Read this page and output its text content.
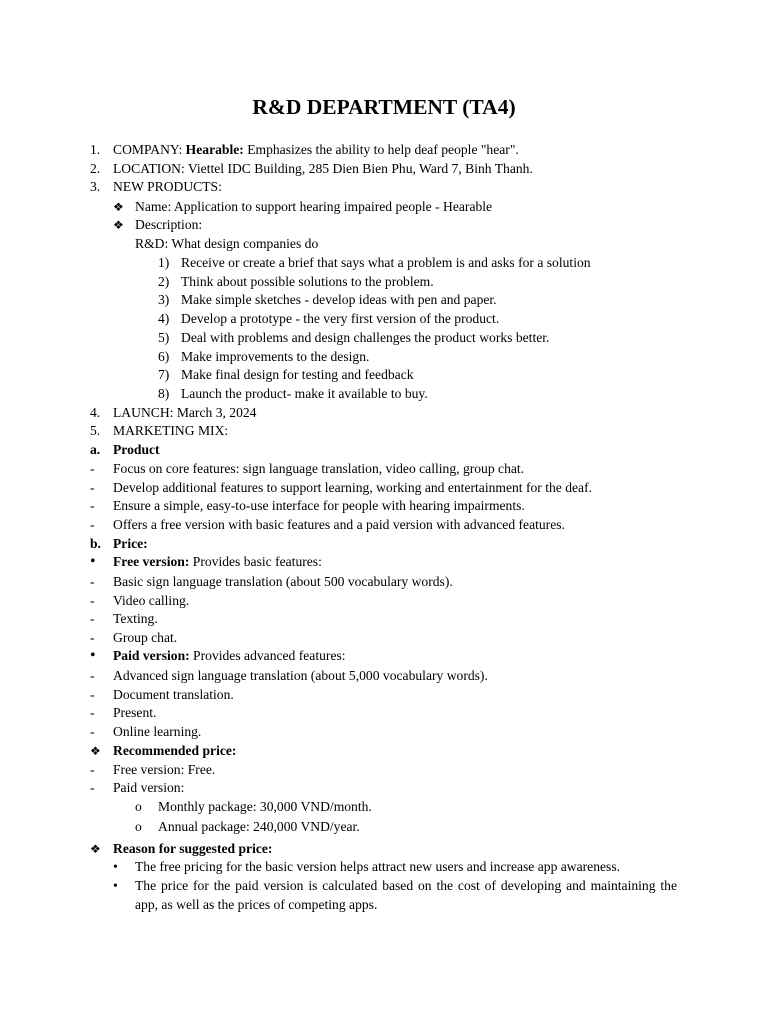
R&D DEPARTMENT (TA4)
1. COMPANY: Hearable: Emphasizes the ability to help deaf people "hear".
2. LOCATION: Viettel IDC Building, 285 Dien Bien Phu, Ward 7, Binh Thanh.
3. NEW PRODUCTS:
❖ Name: Application to support hearing impaired people - Hearable
❖ Description:
R&D: What design companies do
1) Receive or create a brief that says what a problem is and asks for a solution
2) Think about possible solutions to the problem.
3) Make simple sketches - develop ideas with pen and paper.
4) Develop a prototype - the very first version of the product.
5) Deal with problems and design challenges the product works better.
6) Make improvements to the design.
7) Make final design for testing and feedback
8) Launch the product- make it available to buy.
4. LAUNCH: March 3, 2024
5. MARKETING MIX:
a. Product
- Focus on core features: sign language translation, video calling, group chat.
- Develop additional features to support learning, working and entertainment for the deaf.
- Ensure a simple, easy-to-use interface for people with hearing impairments.
- Offers a free version with basic features and a paid version with advanced features.
b. Price:
• Free version: Provides basic features:
- Basic sign language translation (about 500 vocabulary words).
- Video calling.
- Texting.
- Group chat.
• Paid version: Provides advanced features:
- Advanced sign language translation (about 5,000 vocabulary words).
- Document translation.
- Present.
- Online learning.
❖ Recommended price:
- Free version: Free.
- Paid version:
o Monthly package: 30,000 VND/month.
o Annual package: 240,000 VND/year.
❖ Reason for suggested price:
• The free pricing for the basic version helps attract new users and increase app awareness.
• The price for the paid version is calculated based on the cost of developing and maintaining the app, as well as the prices of competing apps.
